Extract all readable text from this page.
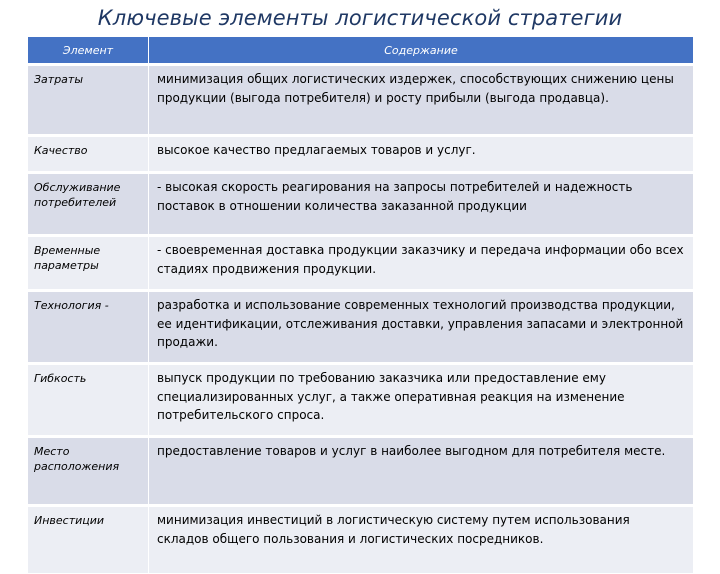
Ключевые элементы логистической стратегии
Элемент	Содержание
Затраты	минимизация общих логистических издержек, способствующих снижению цены продукции (выгода потребителя) и росту прибыли (выгода продавца).
Качество	высокое качество предлагаемых товаров и услуг.
Обслуживание потребителей	- высокая скорость реагирования на запросы потребителей и надежность поставок в отношении количества заказанной продукции
Временные параметры	- своевременная доставка продукции заказчику и передача информации обо всех стадиях продвижения продукции.
Технология -	разработка и использование современных технологий производства продукции, ее идентификации, отслеживания доставки, управления запасами и электронной продажи.
Гибкость	выпуск продукции по требованию заказчика или предоставление ему специализированных услуг, а также оперативная реакция на изменение потребительского спроса.
Место расположения	предоставление товаров и услуг в наиболее выгодном для потребителя месте.
Инвестиции	минимизация инвестиций в логистическую систему путем использования складов общего пользования и логистических посредников.
